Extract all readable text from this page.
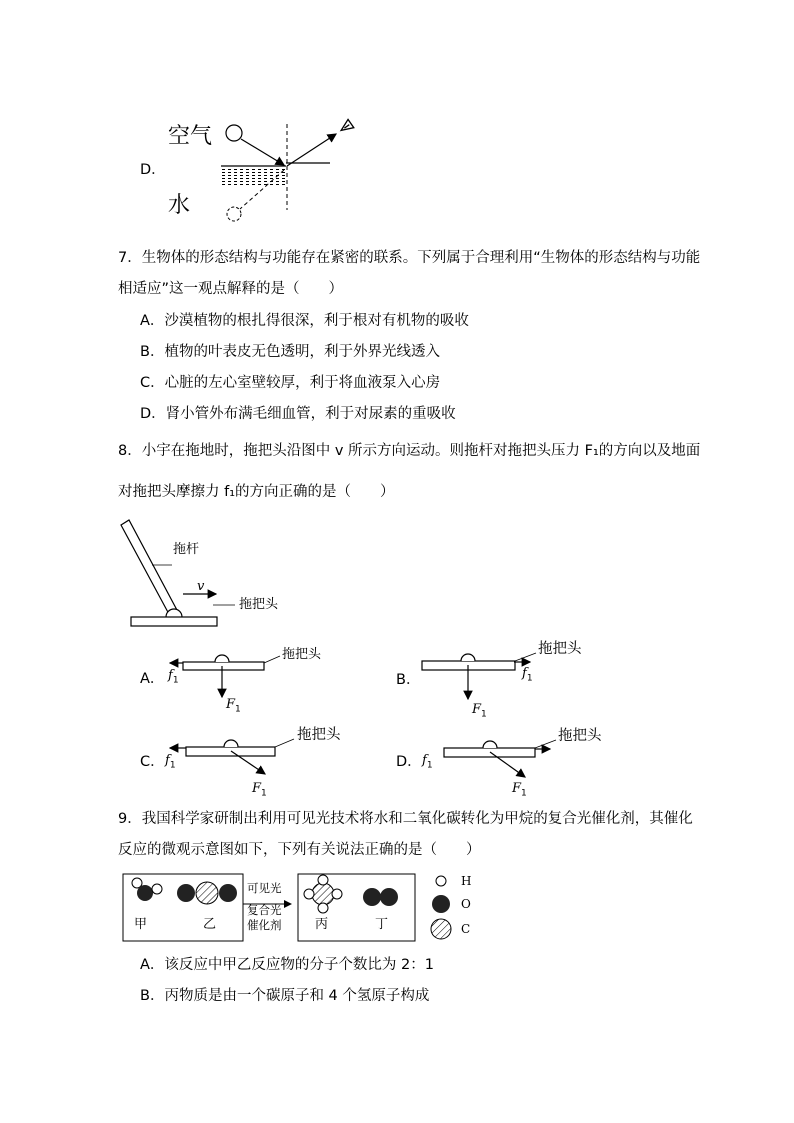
D．
空气
水
7．生物体的形态结构与功能存在紧密的联系。下列属于合理利用“生物体的形态结构与功能
相适应”这一观点解释的是（　　）
A．沙漠植物的根扎得很深，利于根对有机物的吸收
B．植物的叶表皮无色透明，利于外界光线透入
C．心脏的左心室壁较厚，利于将血液泵入心房
D．肾小管外布满毛细血管，利于对尿素的重吸收
8．小宇在拖地时，拖把头沿图中 v 所示方向运动。则拖杆对拖把头压力 F₁的方向以及地面
对拖把头摩擦力 f₁的方向正确的是（　　）
拖杆
v
拖把头
A． $f_1$
$F_1$
拖把头
B．	$f_1$
$F_1$
拖把头
C． $f_1$
$F_1$
拖把头
D． $f_1$
$F_1$
拖把头
9．我国科学家研制出利用可见光技术将水和二氧化碳转化为甲烷的复合光催化剂，其催化
反应的微观示意图如下，下列有关说法正确的是（　　）
甲	乙
可见光
复合光
催化剂	丙	丁
H
O
C
A．该反应中甲乙反应物的分子个数比为 2：1
B．丙物质是由一个碳原子和 4 个氢原子构成
